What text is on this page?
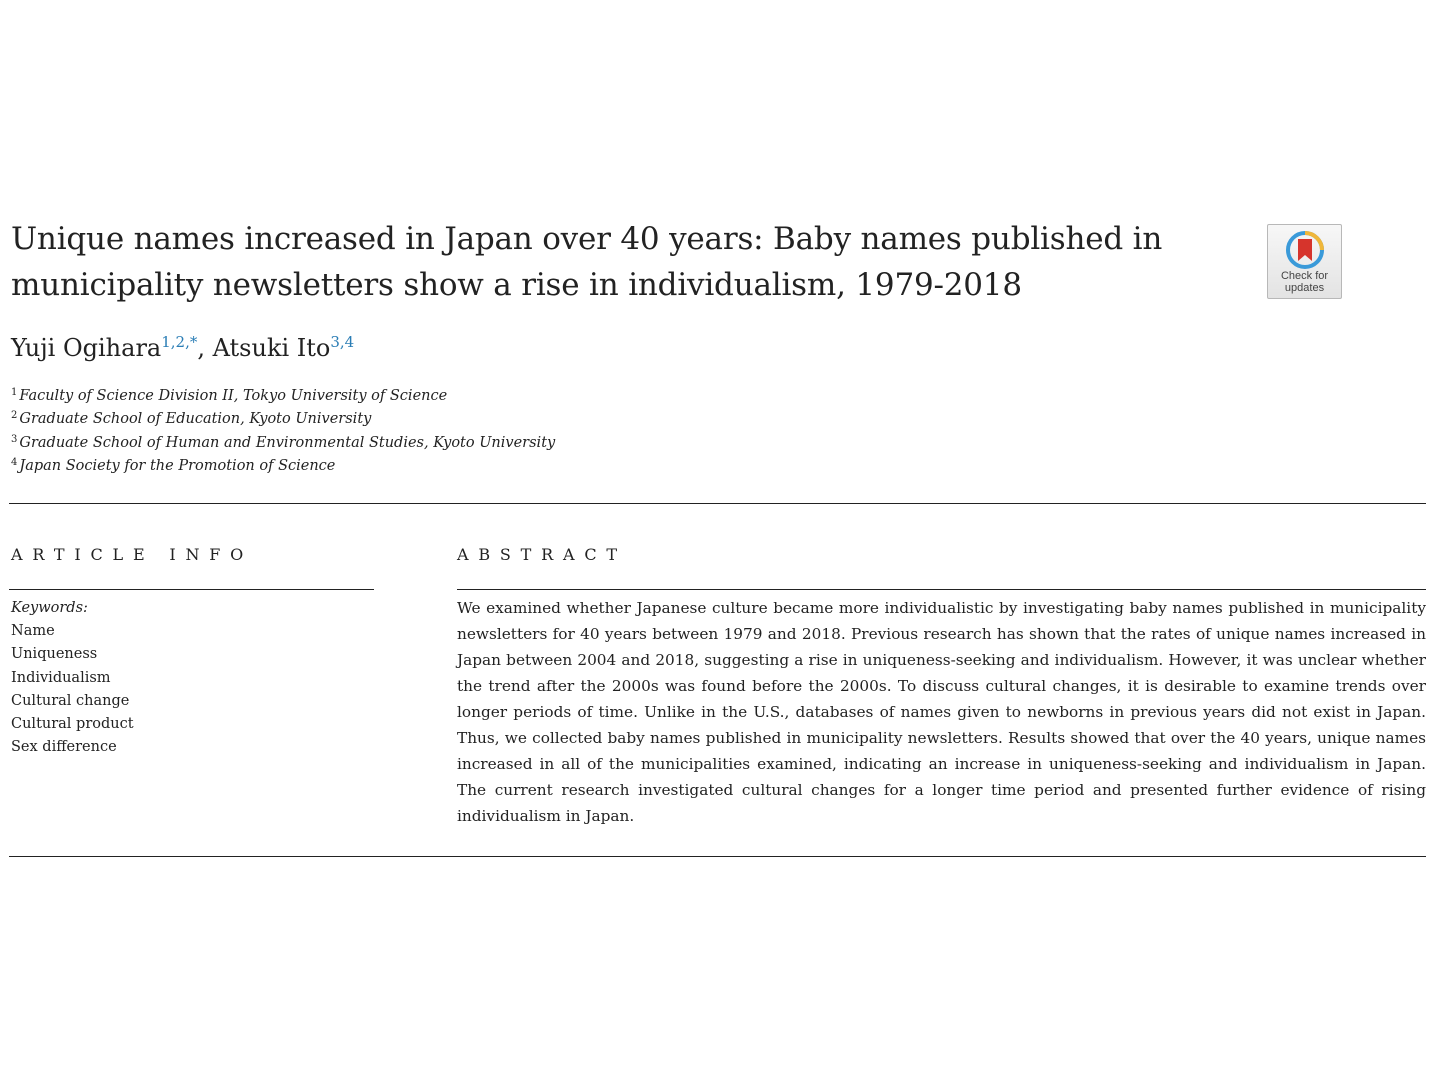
Unique names increased in Japan over 40 years: Baby names published in municipality newsletters show a rise in individualism, 1979-2018	Check for
updates

Yuji Ogihara$^{1,2,*}$, Atsuki Ito$^{3,4}$

$^1$ Faculty of Science Division II, Tokyo University of Science
$^2$ Graduate School of Education, Kyoto University
$^3$ Graduate School of Human and Environmental Studies, Kyoto University
$^4$ Japan Society for the Promotion of Science
ARTICLE INFO	ABSTRACT
Keywords:
Name
Uniqueness
Individualism
Cultural change
Cultural product
Sex difference

We examined whether Japanese culture became more individualistic by investigating baby names published in municipality newsletters for 40 years between 1979 and 2018. Previous research has shown that the rates of unique names increased in Japan between 2004 and 2018, suggesting a rise in uniqueness-seeking and individualism. However, it was unclear whether the trend after the 2000s was found before the 2000s. To discuss cultural changes, it is desirable to examine trends over longer periods of time. Unlike in the U.S., databases of names given to newborns in previous years did not exist in Japan. Thus, we collected baby names published in municipality newsletters. Results showed that over the 40 years, unique names increased in all of the municipalities examined, indicating an increase in uniqueness-seeking and individualism in Japan. The current research investigated cultural changes for a longer time period and presented further evidence of rising individualism in Japan.
